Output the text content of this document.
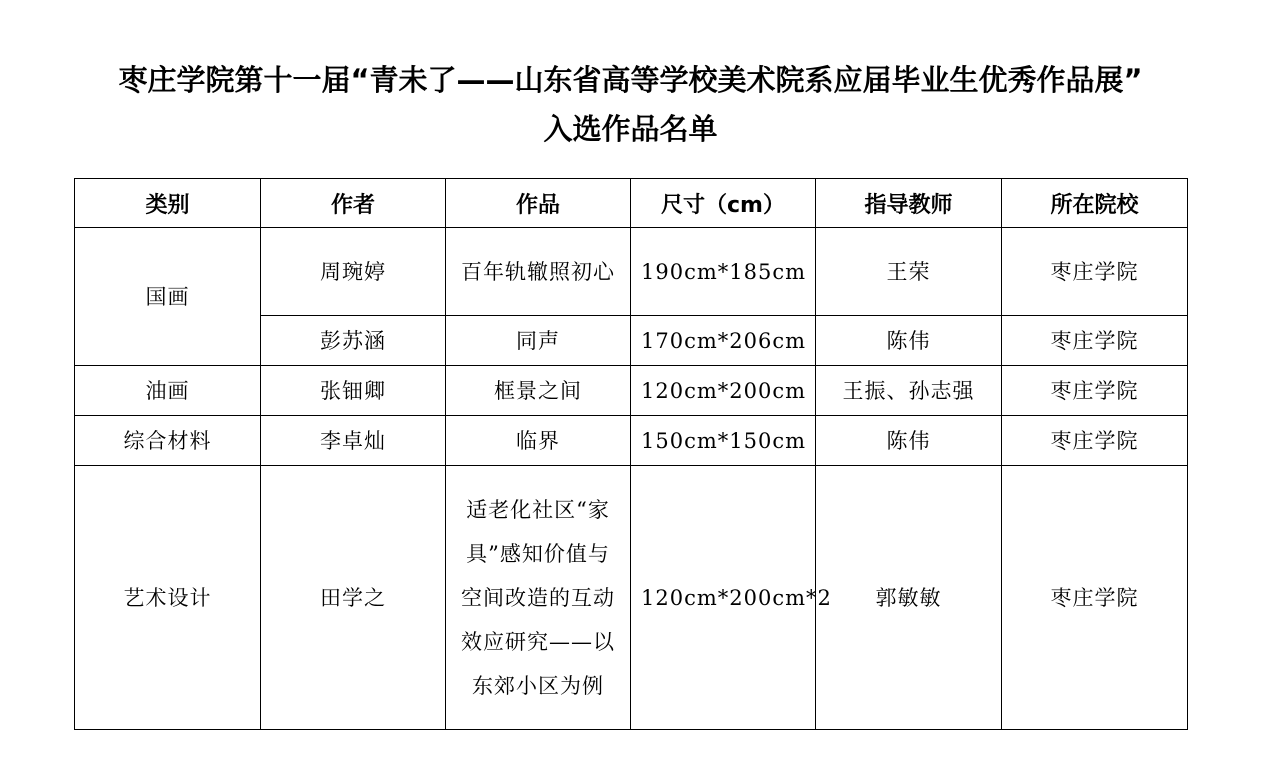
枣庄学院第十一届“青未了——山东省高等学校美术院系应届毕业生优秀作品展”
入选作品名单
类别	作者	作品	尺寸（cm）	指导教师	所在院校
国画	周琬婷	百年轨辙照初心	190cm*185cm	王荣	枣庄学院
	彭苏涵	同声	170cm*206cm	陈伟	枣庄学院
油画	张钿卿	框景之间	120cm*200cm	王振、孙志强	枣庄学院
综合材料	李卓灿	临界	150cm*150cm	陈伟	枣庄学院
艺术设计	田学之	适老化社区“家具”感知价值与空间改造的互动效应研究——以东郊小区为例	120cm*200cm*2	郭敏敏	枣庄学院
